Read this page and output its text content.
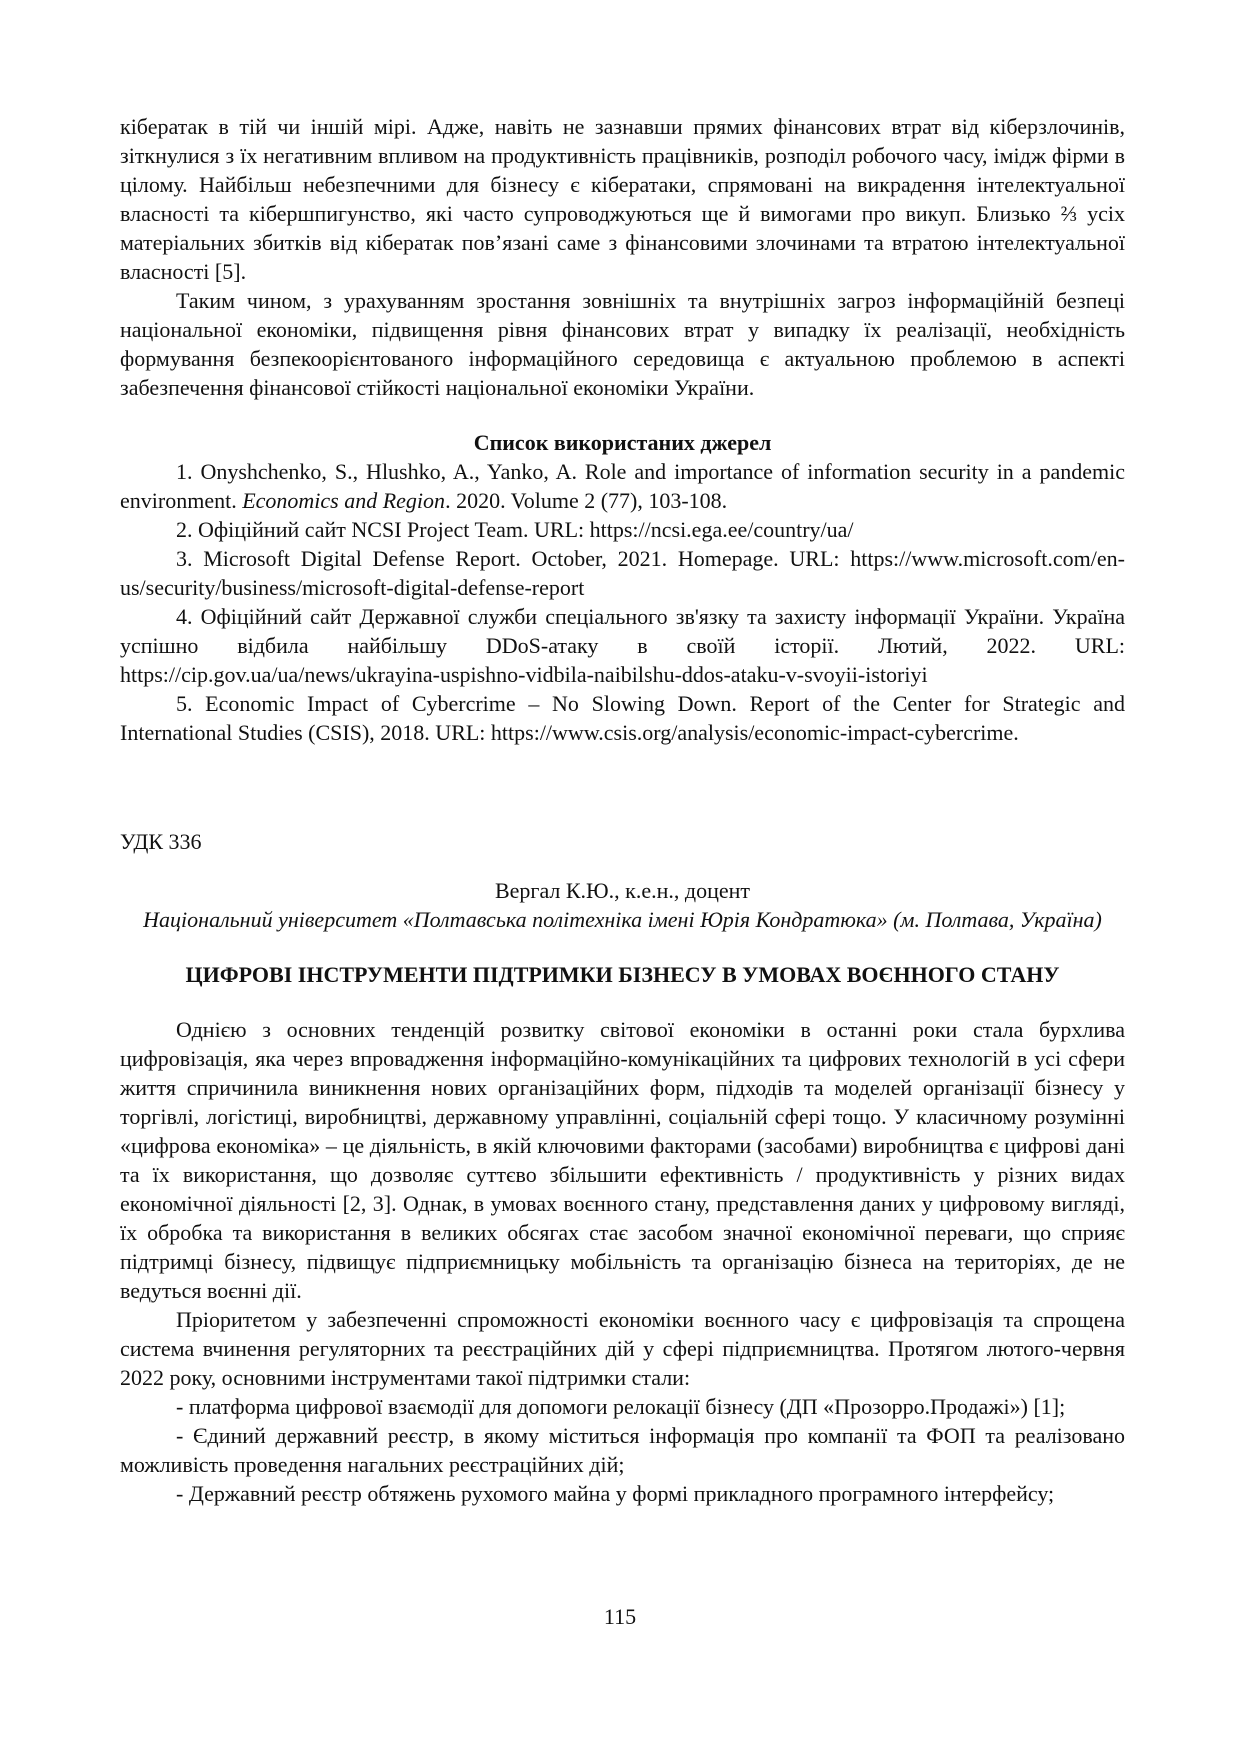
кібератак в тій чи іншій мірі. Адже, навіть не зазнавши прямих фінансових втрат від кіберзлочинів, зіткнулися з їх негативним впливом на продуктивність працівників, розподіл робочого часу, імідж фірми в цілому. Найбільш небезпечними для бізнесу є кібератаки, спрямовані на викрадення інтелектуальної власності та кібершпигунство, які часто супроводжуються ще й вимогами про викуп. Близько ⅔ усіх матеріальних збитків від кібератак пов’язані саме з фінансовими злочинами та втратою інтелектуальної власності [5].

Таким чином, з урахуванням зростання зовнішніх та внутрішніх загроз інформаційній безпеці національної економіки, підвищення рівня фінансових втрат у випадку їх реалізації, необхідність формування безпекоорієнтованого інформаційного середовища є актуальною проблемою в аспекті забезпечення фінансової стійкості національної економіки України.

Список використаних джерел

1. Onyshchenko, S., Hlushko, A., Yanko, A. Role and importance of information security in a pandemic environment. Economics and Region. 2020. Volume 2 (77), 103-108.

2. Офіційний сайт NCSI Project Team. URL: https://ncsi.ega.ee/country/ua/

3. Microsoft Digital Defense Report. October, 2021. Homepage. URL: https://www.microsoft.com/en-us/security/business/microsoft-digital-defense-report

4. Офіційний сайт Державної служби спеціального зв'язку та захисту інформації України. Україна успішно відбила найбільшу DDoS-атаку в своїй історії. Лютий, 2022. URL: https://cip.gov.ua/ua/news/ukrayina-uspishno-vidbila-naibilshu-ddos-ataku-v-svoyii-istoriyi

5. Economic Impact of Cybercrime – No Slowing Down. Report of the Center for Strategic and International Studies (CSIS), 2018. URL: https://www.csis.org/analysis/economic-impact-cybercrime.

УДК 336

Вергал К.Ю., к.е.н., доцент

Національний університет «Полтавська політехніка імені Юрія Кондратюка» (м. Полтава, Україна)

ЦИФРОВІ ІНСТРУМЕНТИ ПІДТРИМКИ БІЗНЕСУ В УМОВАХ ВОЄННОГО СТАНУ

Однією з основних тенденцій розвитку світової економіки в останні роки стала бурхлива цифровізація, яка через впровадження інформаційно-комунікаційних та цифрових технологій в усі сфери життя спричинила виникнення нових організаційних форм, підходів та моделей організації бізнесу у торгівлі, логістиці, виробництві, державному управлінні, соціальній сфері тощо. У класичному розумінні «цифрова економіка» – це діяльність, в якій ключовими факторами (засобами) виробництва є цифрові дані та їх використання, що дозволяє суттєво збільшити ефективність / продуктивність у різних видах економічної діяльності [2, 3]. Однак, в умовах воєнного стану, представлення даних у цифровому вигляді, їх обробка та використання в великих обсягах стає засобом значної економічної переваги, що сприяє підтримці бізнесу, підвищує підприємницьку мобільність та організацію бізнеса на територіях, де не ведуться воєнні дії.

Пріоритетом у забезпеченні спроможності економіки воєнного часу є цифровізація та спрощена система вчинення регуляторних та реєстраційних дій у сфері підприємництва. Протягом лютого-червня 2022 року, основними інструментами такої підтримки стали:

- платформа цифрової взаємодії для допомоги релокації бізнесу (ДП «Прозорро.Продажі») [1];

- Єдиний державний реєстр, в якому міститься інформація про компанії та ФОП та реалізовано можливість проведення нагальних реєстраційних дій;

- Державний реєстр обтяжень рухомого майна у формі прикладного програмного інтерфейсу;

115
